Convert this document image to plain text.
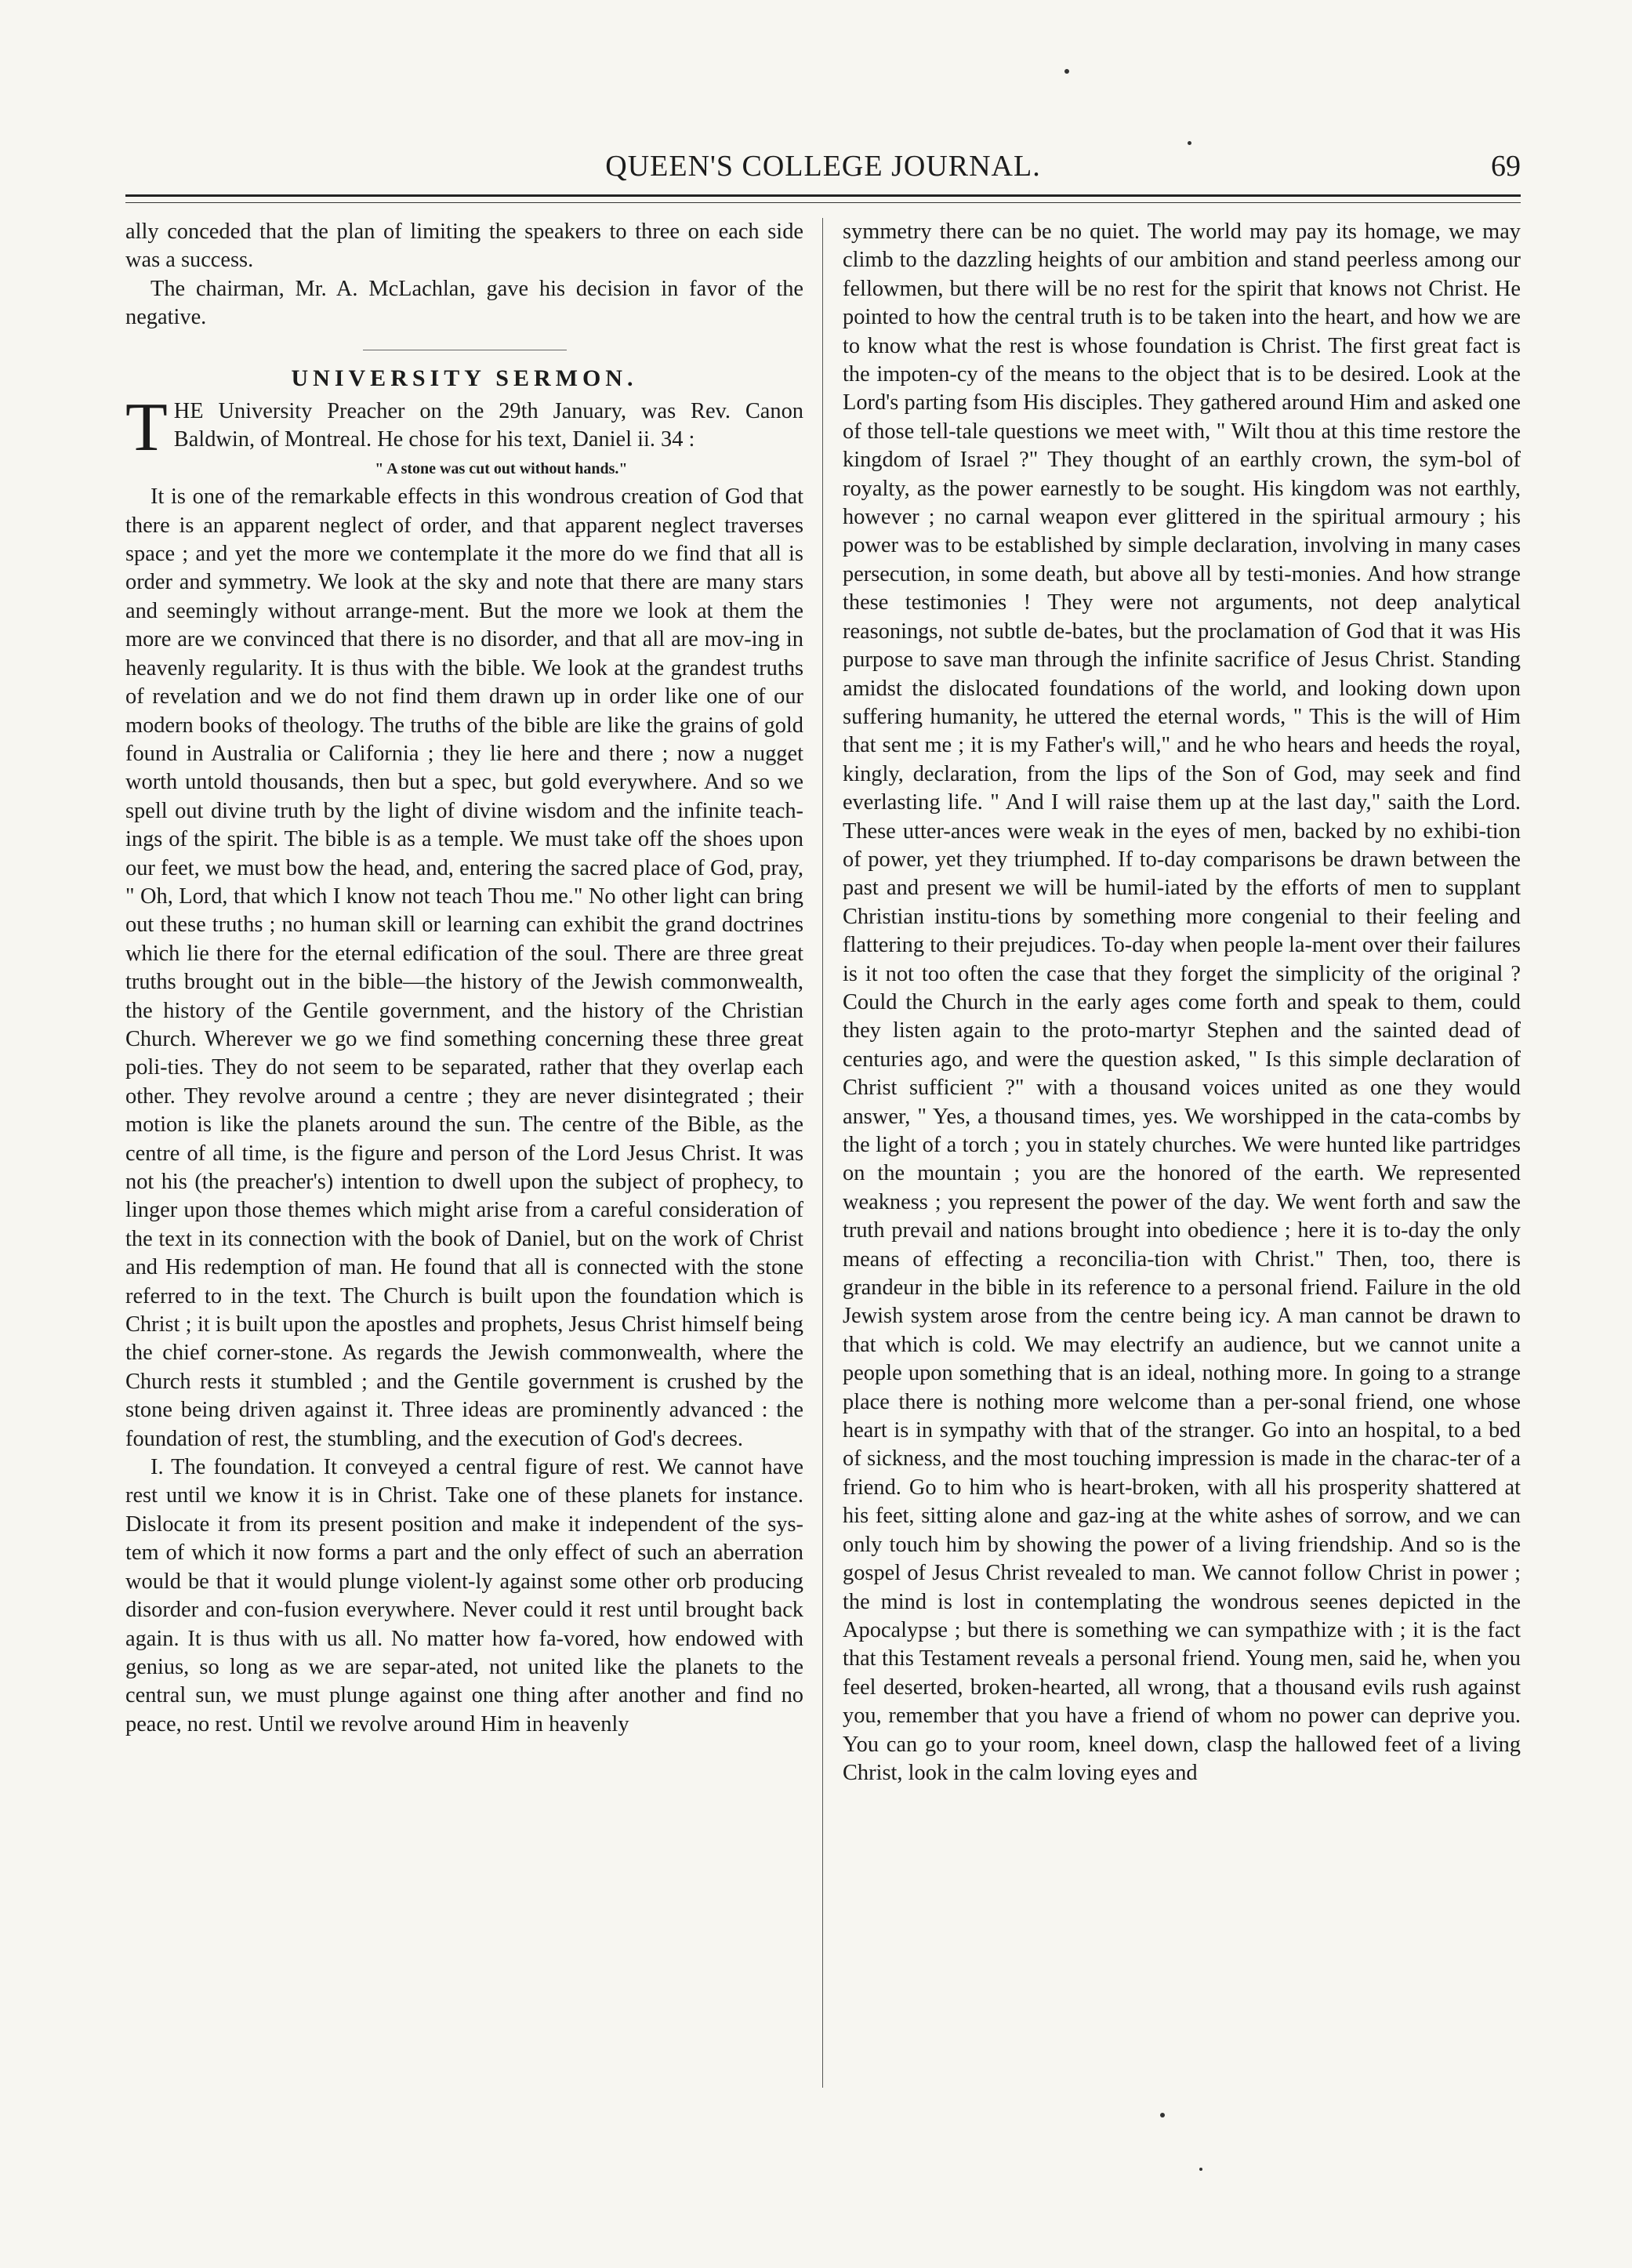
QUEEN'S COLLEGE JOURNAL.	69

ally conceded that the plan of limiting the speakers to three on each side was a success.

The chairman, Mr. A. McLachlan, gave his decision in favor of the negative.

UNIVERSITY SERMON.

THE University Preacher on the 29th January, was Rev. Canon Baldwin, of Montreal. He chose for his text, Daniel ii. 34 :

" A stone was cut out without hands."

It is one of the remarkable effects in this wondrous creation of God that there is an apparent neglect of order, and that apparent neglect traverses space ; and yet the more we contemplate it the more do we find that all is order and symmetry. We look at the sky and note that there are many stars and seemingly without arrange-ment. But the more we look at them the more are we convinced that there is no disorder, and that all are mov-ing in heavenly regularity. It is thus with the bible. We look at the grandest truths of revelation and we do not find them drawn up in order like one of our modern books of theology. The truths of the bible are like the grains of gold found in Australia or California ; they lie here and there ; now a nugget worth untold thousands, then but a spec, but gold everywhere. And so we spell out divine truth by the light of divine wisdom and the infinite teach-ings of the spirit. The bible is as a temple. We must take off the shoes upon our feet, we must bow the head, and, entering the sacred place of God, pray, " Oh, Lord, that which I know not teach Thou me." No other light can bring out these truths ; no human skill or learning can exhibit the grand doctrines which lie there for the eternal edification of the soul. There are three great truths brought out in the bible—the history of the Jewish commonwealth, the history of the Gentile government, and the history of the Christian Church. Wherever we go we find something concerning these three great poli-ties. They do not seem to be separated, rather that they overlap each other. They revolve around a centre ; they are never disintegrated ; their motion is like the planets around the sun. The centre of the Bible, as the centre of all time, is the figure and person of the Lord Jesus Christ. It was not his (the preacher's) intention to dwell upon the subject of prophecy, to linger upon those themes which might arise from a careful consideration of the text in its connection with the book of Daniel, but on the work of Christ and His redemption of man. He found that all is connected with the stone referred to in the text. The Church is built upon the foundation which is Christ ; it is built upon the apostles and prophets, Jesus Christ himself being the chief corner-stone. As regards the Jewish commonwealth, where the Church rests it stumbled ; and the Gentile government is crushed by the stone being driven against it. Three ideas are prominently advanced : the foundation of rest, the stumbling, and the execution of God's decrees.

I. The foundation. It conveyed a central figure of rest. We cannot have rest until we know it is in Christ. Take one of these planets for instance. Dislocate it from its present position and make it independent of the sys-tem of which it now forms a part and the only effect of such an aberration would be that it would plunge violent-ly against some other orb producing disorder and con-fusion everywhere. Never could it rest until brought back again. It is thus with us all. No matter how fa-vored, how endowed with genius, so long as we are separ-ated, not united like the planets to the central sun, we must plunge against one thing after another and find no peace, no rest. Until we revolve around Him in heavenly

symmetry there can be no quiet. The world may pay its homage, we may climb to the dazzling heights of our ambition and stand peerless among our fellowmen, but there will be no rest for the spirit that knows not Christ. He pointed to how the central truth is to be taken into the heart, and how we are to know what the rest is whose foundation is Christ. The first great fact is the impoten-cy of the means to the object that is to be desired. Look at the Lord's parting fsom His disciples. They gathered around Him and asked one of those tell-tale questions we meet with, " Wilt thou at this time restore the kingdom of Israel ?" They thought of an earthly crown, the sym-bol of royalty, as the power earnestly to be sought. His kingdom was not earthly, however ; no carnal weapon ever glittered in the spiritual armoury ; his power was to be established by simple declaration, involving in many cases persecution, in some death, but above all by testi-monies. And how strange these testimonies ! They were not arguments, not deep analytical reasonings, not subtle de-bates, but the proclamation of God that it was His purpose to save man through the infinite sacrifice of Jesus Christ. Standing amidst the dislocated foundations of the world, and looking down upon suffering humanity, he uttered the eternal words, " This is the will of Him that sent me ; it is my Father's will," and he who hears and heeds the royal, kingly, declaration, from the lips of the Son of God, may seek and find everlasting life. " And I will raise them up at the last day," saith the Lord. These utter-ances were weak in the eyes of men, backed by no exhibi-tion of power, yet they triumphed. If to-day comparisons be drawn between the past and present we will be humil-iated by the efforts of men to supplant Christian institu-tions by something more congenial to their feeling and flattering to their prejudices. To-day when people la-ment over their failures is it not too often the case that they forget the simplicity of the original ? Could the Church in the early ages come forth and speak to them, could they listen again to the proto-martyr Stephen and the sainted dead of centuries ago, and were the question asked, " Is this simple declaration of Christ sufficient ?" with a thousand voices united as one they would answer, " Yes, a thousand times, yes. We worshipped in the cata-combs by the light of a torch ; you in stately churches. We were hunted like partridges on the mountain ; you are the honored of the earth. We represented weakness ; you represent the power of the day. We went forth and saw the truth prevail and nations brought into obedience ; here it is to-day the only means of effecting a reconcilia-tion with Christ." Then, too, there is grandeur in the bible in its reference to a personal friend. Failure in the old Jewish system arose from the centre being icy. A man cannot be drawn to that which is cold. We may electrify an audience, but we cannot unite a people upon something that is an ideal, nothing more. In going to a strange place there is nothing more welcome than a per-sonal friend, one whose heart is in sympathy with that of the stranger. Go into an hospital, to a bed of sickness, and the most touching impression is made in the charac-ter of a friend. Go to him who is heart-broken, with all his prosperity shattered at his feet, sitting alone and gaz-ing at the white ashes of sorrow, and we can only touch him by showing the power of a living friendship. And so is the gospel of Jesus Christ revealed to man. We cannot follow Christ in power ; the mind is lost in contemplating the wondrous seenes depicted in the Apocalypse ; but there is something we can sympathize with ; it is the fact that this Testament reveals a personal friend. Young men, said he, when you feel deserted, broken-hearted, all wrong, that a thousand evils rush against you, remember that you have a friend of whom no power can deprive you. You can go to your room, kneel down, clasp the hallowed feet of a living Christ, look in the calm loving eyes and
